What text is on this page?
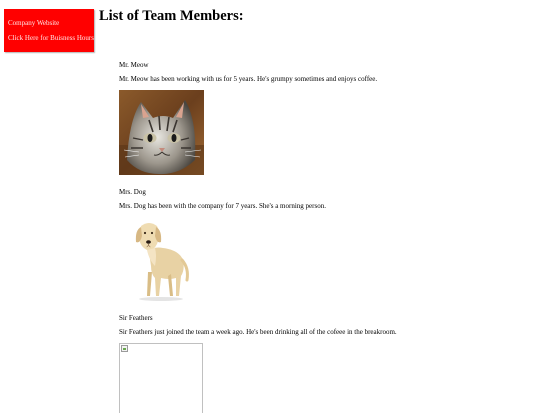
Company Website
Click Here for Buisness Hours
List of Team Members:

Mr. Meow

Mr. Meow has been working with us for 5 years. He's grumpy sometimes and enjoys coffee.

Mrs. Dog

Mrs. Dog has been with the company for 7 years. She's a morning person.

Sir Feathers

Sir Feathers just joined the team a week ago. He's been drinking all of the cofeee in the breakroom.
